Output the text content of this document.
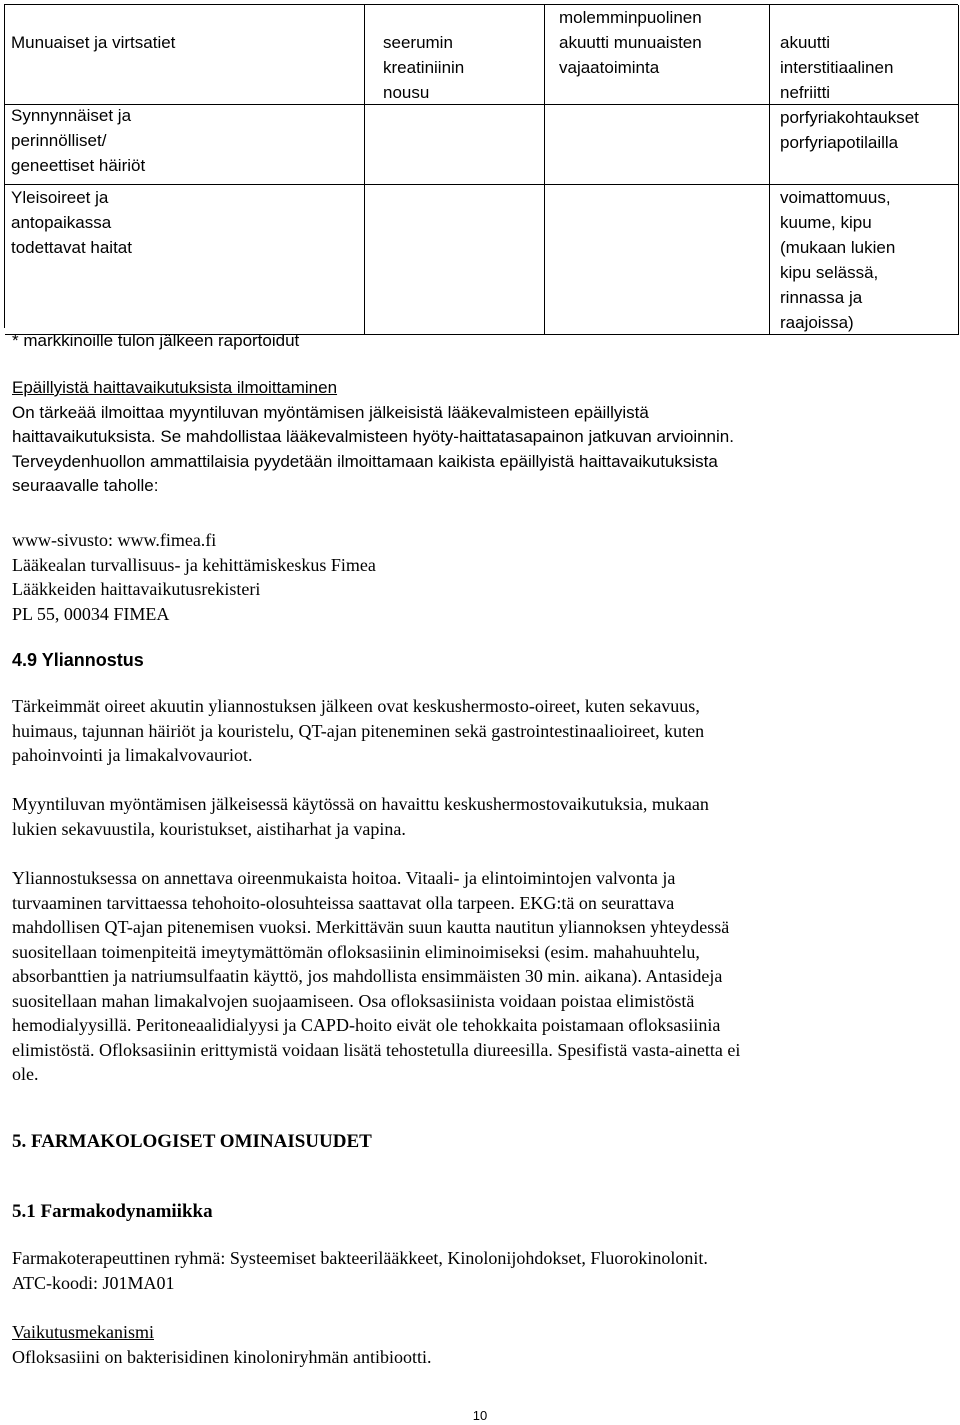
Munuaiset ja virtsatiet	seerumin
kreatiniinin
nousu
molemminpuolinen
akuutti munuaisten
vajaatoiminta
akuutti
interstitiaalinen
nefriitti
Synnynnäiset ja
perinnölliset/
geneettiset häiriöt
porfyriakohtaukset
porfyriapotilailla
Yleisoireet ja
antopaikassa
todettavat haitat
voimattomuus,
kuume, kipu
(mukaan lukien
kipu selässä,
rinnassa ja
raajoissa)
* markkinoille tulon jälkeen raportoidut

Epäillyistä haittavaikutuksista ilmoittaminen

On tärkeää ilmoittaa myyntiluvan myöntämisen jälkeisistä lääkevalmisteen epäillyistä

haittavaikutuksista. Se mahdollistaa lääkevalmisteen hyöty-haittatasapainon jatkuvan arvioinnin.

Terveydenhuollon ammattilaisia pyydetään ilmoittamaan kaikista epäillyistä haittavaikutuksista

seuraavalle taholle:

www-sivusto: www.fimea.fi

Lääkealan turvallisuus- ja kehittämiskeskus Fimea

Lääkkeiden haittavaikutusrekisteri

PL 55, 00034 FIMEA

4.9 Yliannostus

Tärkeimmät oireet akuutin yliannostuksen jälkeen ovat keskushermosto-oireet, kuten sekavuus,

huimaus, tajunnan häiriöt ja kouristelu, QT-ajan piteneminen sekä gastrointestinaalioireet, kuten

pahoinvointi ja limakalvovauriot.

Myyntiluvan myöntämisen jälkeisessä käytössä on havaittu keskushermostovaikutuksia, mukaan

lukien sekavuustila, kouristukset, aistiharhat ja vapina.

Yliannostuksessa on annettava oireenmukaista hoitoa. Vitaali- ja elintoimintojen valvonta ja

turvaaminen tarvittaessa tehohoito-olosuhteissa saattavat olla tarpeen. EKG:tä on seurattava

mahdollisen QT-ajan pitenemisen vuoksi. Merkittävän suun kautta nautitun yliannoksen yhteydessä

suositellaan toimenpiteitä imeytymättömän ofloksasiinin eliminoimiseksi (esim. mahahuuhtelu,

absorbanttien ja natriumsulfaatin käyttö, jos mahdollista ensimmäisten 30 min. aikana). Antasideja

suositellaan mahan limakalvojen suojaamiseen. Osa ofloksasiinista voidaan poistaa elimistöstä

hemodialyysillä. Peritoneaalidialyysi ja CAPD-hoito eivät ole tehokkaita poistamaan ofloksasiinia

elimistöstä. Ofloksasiinin erittymistä voidaan lisätä tehostetulla diureesilla. Spesifistä vasta-ainetta ei

ole.

5. FARMAKOLOGISET OMINAISUUDET
5.1 Farmakodynamiikka

Farmakoterapeuttinen ryhmä: Systeemiset bakteerilääkkeet, Kinolonijohdokset, Fluorokinolonit.

ATC-koodi: J01MA01

Vaikutusmekanismi

Ofloksasiini on bakterisidinen kinoloniryhmän antibiootti.

10
